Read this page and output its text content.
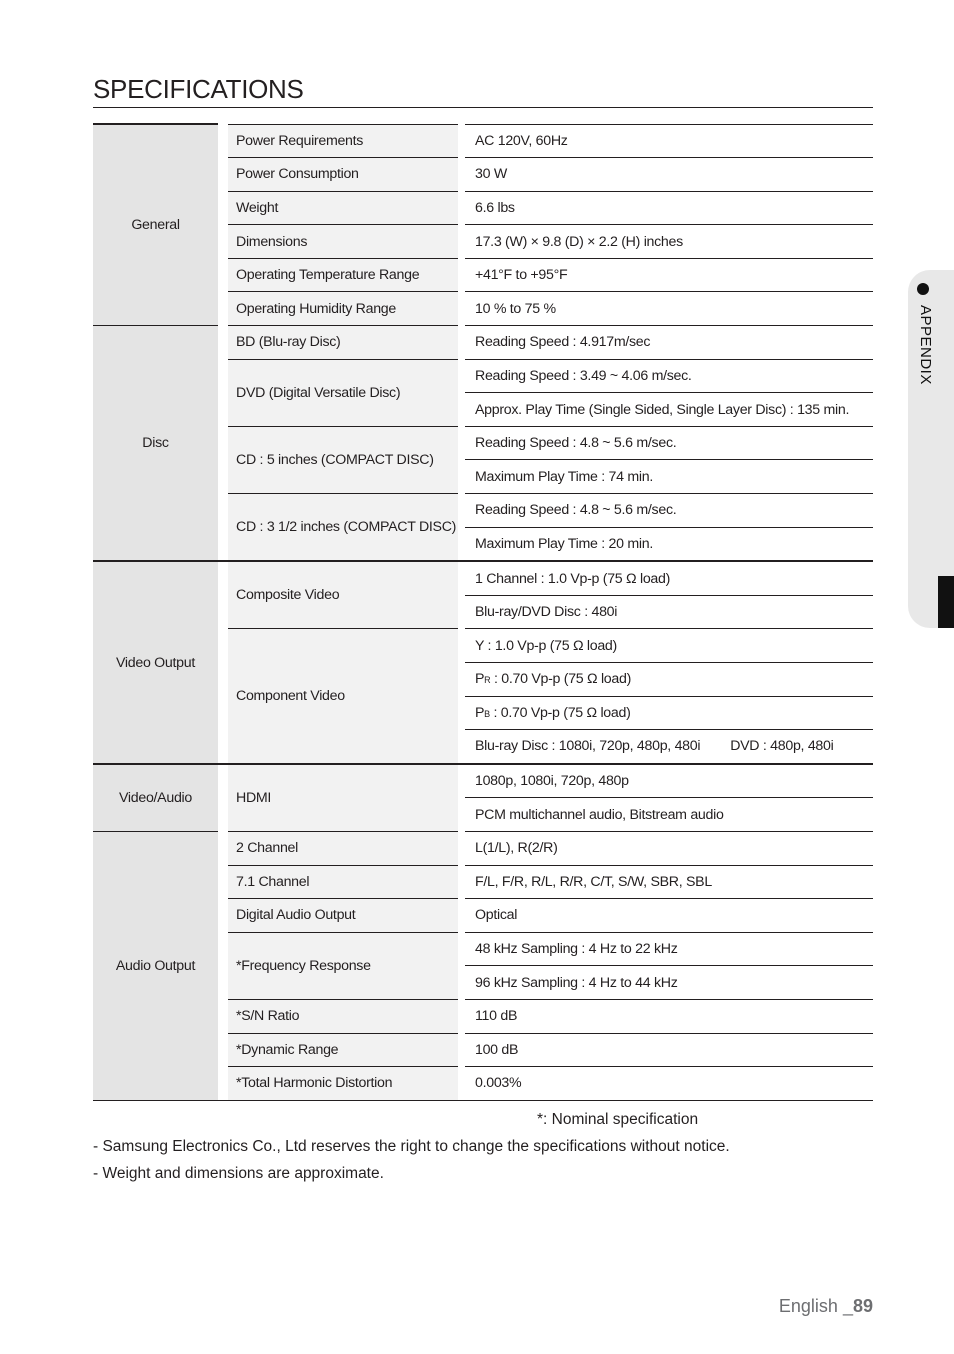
SPECIFICATIONS
APPENDIX
General		Power Requirements		AC 120V, 60Hz
		Power Consumption		30 W
		Weight		6.6 lbs
		Dimensions		17.3 (W) × 9.8 (D) × 2.2 (H) inches
		Operating Temperature Range		+41°F to +95°F
		Operating Humidity Range		10 % to 75 %
Disc		BD (Blu-ray Disc)		Reading Speed : 4.917m/sec
		DVD (Digital Versatile Disc)		Reading Speed : 3.49 ~ 4.06 m/sec.
				Approx. Play Time (Single Sided, Single Layer Disc) : 135 min.
		CD : 5 inches (COMPACT DISC)		Reading Speed : 4.8 ~ 5.6 m/sec.
				Maximum Play Time : 74 min.
		CD : 3 1/2 inches (COMPACT DISC)		Reading Speed : 4.8 ~ 5.6 m/sec.
				Maximum Play Time : 20 min.
Video Output		Composite Video		1 Channel : 1.0 Vp-p (75 Ω load)
				Blu-ray/DVD Disc : 480i
		Component Video		Y : 1.0 Vp-p (75 Ω load)
				PR : 0.70 Vp-p (75 Ω load)
				PB : 0.70 Vp-p (75 Ω load)
				Blu-ray Disc : 1080i, 720p, 480p, 480i DVD : 480p, 480i
Video/Audio		HDMI		1080p, 1080i, 720p, 480p
				PCM multichannel audio, Bitstream audio
Audio Output		2 Channel		L(1/L), R(2/R)
		7.1 Channel		F/L, F/R, R/L, R/R, C/T, S/W, SBR, SBL
		Digital Audio Output		Optical
		*Frequency Response		48 kHz Sampling : 4 Hz to 22 kHz
				96 kHz Sampling : 4 Hz to 44 kHz
		*S/N Ratio		110 dB
		*Dynamic Range		100 dB
		*Total Harmonic Distortion		0.003%
*: Nominal specification
- Samsung Electronics Co., Ltd reserves the right to change the specifications without notice.
- Weight and dimensions are approximate.
English _89
